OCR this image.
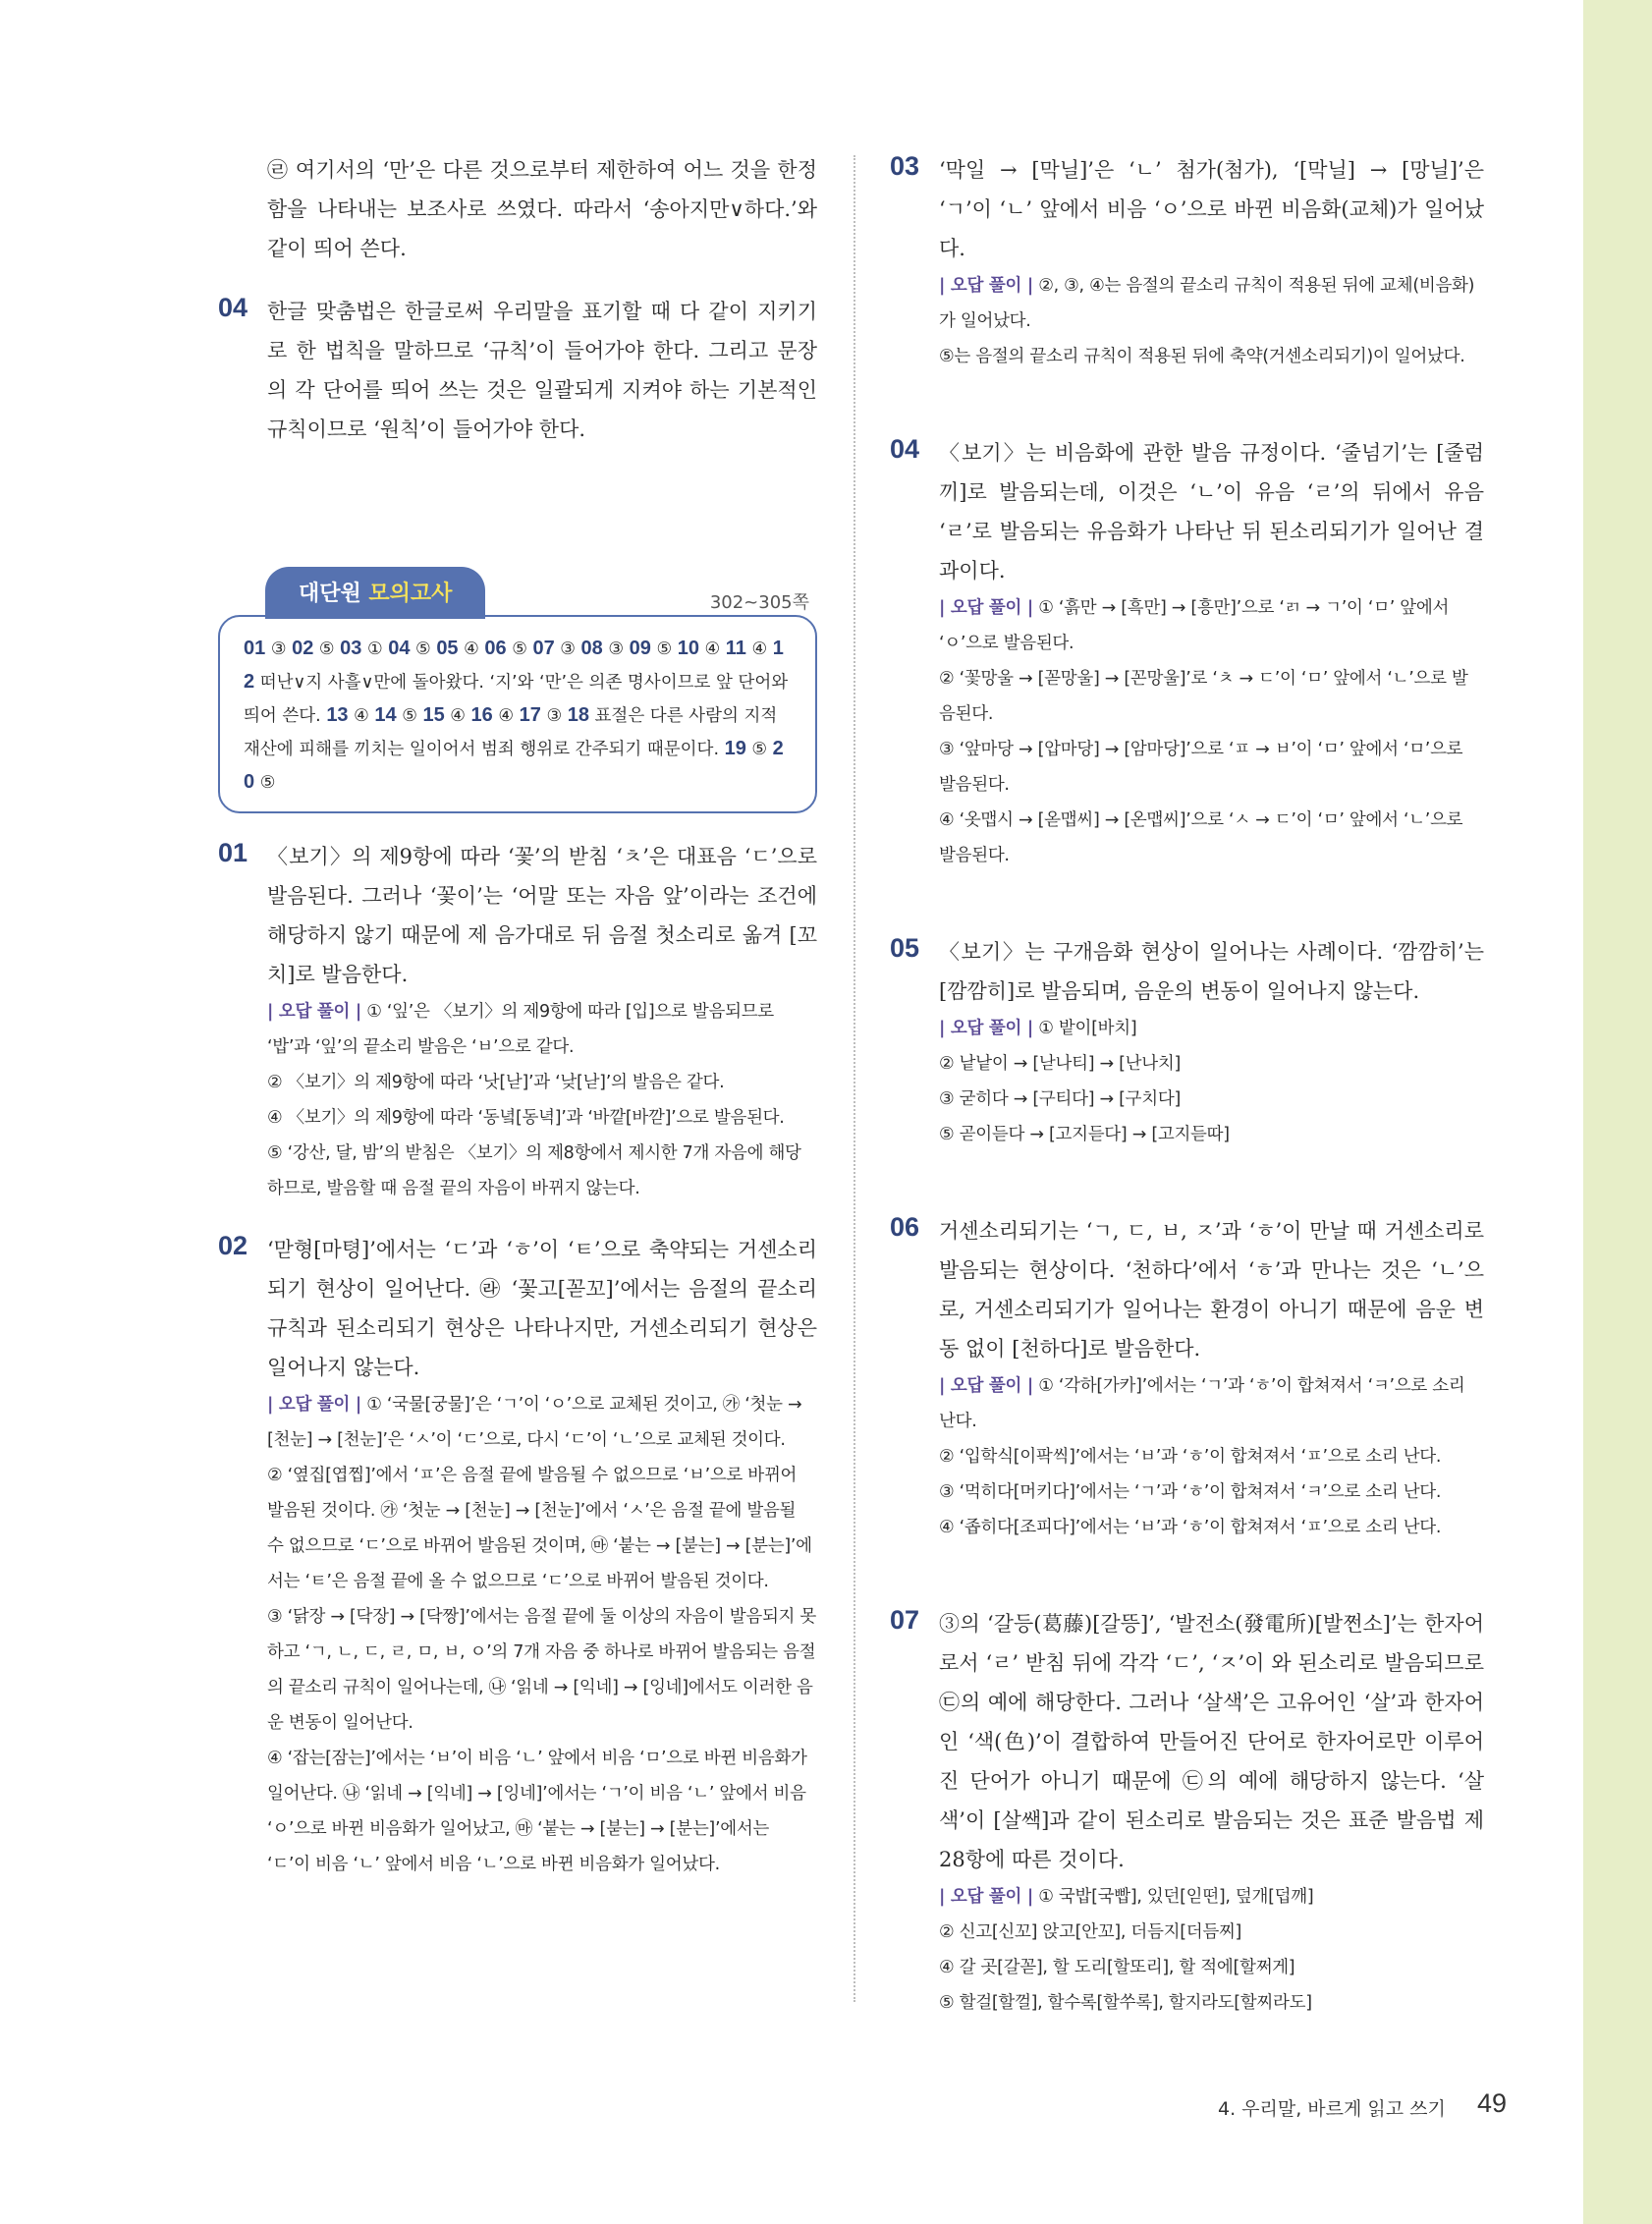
㉣ 여기서의 ‘만’은 다른 것으로부터 제한하여 어느 것을 한정함을 나타내는 보조사로 쓰였다. 따라서 ‘송아지만∨하다.’와 같이 띄어 쓴다.
04 한글 맞춤법은 한글로써 우리말을 표기할 때 다 같이 지키기로 한 법칙을 말하므로 ‘규칙’이 들어가야 한다. 그리고 문장의 각 단어를 띄어 쓰는 것은 일괄되게 지켜야 하는 기본적인 규칙이므로 ‘원칙’이 들어가야 한다.
대단원 모의고사	302~305쪽
01 ③ 02 ⑤ 03 ① 04 ⑤ 05 ④ 06 ⑤ 07 ③ 08 ③ 09 ⑤ 10 ④ 11 ④ 12 떠난∨지 사흘∨만에 돌아왔다. ‘지’와 ‘만’은 의존 명사이므로 앞 단어와 띄어 쓴다. 13 ④ 14 ⑤ 15 ④ 16 ④ 17 ③ 18 표절은 다른 사람의 지적 재산에 피해를 끼치는 일이어서 범죄 행위로 간주되기 때문이다. 19 ⑤ 20 ⑤
01 〈보기〉의 제9항에 따라 ‘꽃’의 받침 ‘ㅊ’은 대표음 ‘ㄷ’으로 발음된다. 그러나 ‘꽃이’는 ‘어말 또는 자음 앞’이라는 조건에 해당하지 않기 때문에 제 음가대로 뒤 음절 첫소리로 옮겨 [꼬치]로 발음한다.
| 오답 풀이 | ① ‘잎’은 〈보기〉의 제9항에 따라 [입]으로 발음되므로 ‘밥’과 ‘잎’의 끝소리 발음은 ‘ㅂ’으로 같다.
② 〈보기〉의 제9항에 따라 ‘낫[낟]’과 ‘낮[낟]’의 발음은 같다.
④ 〈보기〉의 제9항에 따라 ‘동녘[동녁]’과 ‘바깥[바깓]’으로 발음된다.
⑤ ‘강산, 달, 밤’의 받침은 〈보기〉의 제8항에서 제시한 7개 자음에 해당하므로, 발음할 때 음절 끝의 자음이 바뀌지 않는다.
02 ‘맏형[마텽]’에서는 ‘ㄷ’과 ‘ㅎ’이 ‘ㅌ’으로 축약되는 거센소리되기 현상이 일어난다. ㉱ ‘꽃고[꼳꼬]’에서는 음절의 끝소리 규칙과 된소리되기 현상은 나타나지만, 거센소리되기 현상은 일어나지 않는다.
| 오답 풀이 | ① ‘국물[궁물]’은 ‘ㄱ’이 ‘ㅇ’으로 교체된 것이고, ㉮ ‘첫눈 → [천눈] → [천눈]’은 ‘ㅅ’이 ‘ㄷ’으로, 다시 ‘ㄷ’이 ‘ㄴ’으로 교체된 것이다.
② ‘옆집[엽찝]’에서 ‘ㅍ’은 음절 끝에 발음될 수 없으므로 ‘ㅂ’으로 바뀌어 발음된 것이다. ㉮ ‘첫눈 → [천눈] → [천눈]’에서 ‘ㅅ’은 음절 끝에 발음될 수 없으므로 ‘ㄷ’으로 바뀌어 발음된 것이며, ㉲ ‘붙는 → [붇는] → [분는]’에서는 ‘ㅌ’은 음절 끝에 올 수 없으므로 ‘ㄷ’으로 바뀌어 발음된 것이다.
③ ‘닭장 → [닥장] → [닥짱]’에서는 음절 끝에 둘 이상의 자음이 발음되지 못하고 ‘ㄱ, ㄴ, ㄷ, ㄹ, ㅁ, ㅂ, ㅇ’의 7개 자음 중 하나로 바뀌어 발음되는 음절의 끝소리 규칙이 일어나는데, ㉯ ‘읽네 → [익네] → [잉네]에서도 이러한 음운 변동이 일어난다.
④ ‘잡는[잠는]’에서는 ‘ㅂ’이 비음 ‘ㄴ’ 앞에서 비음 ‘ㅁ’으로 바뀐 비음화가 일어난다. ㉯ ‘읽네 → [익네] → [잉네]’에서는 ‘ㄱ’이 비음 ‘ㄴ’ 앞에서 비음 ‘ㅇ’으로 바뀐 비음화가 일어났고, ㉲ ‘붙는 → [붇는] → [분는]’에서는 ‘ㄷ’이 비음 ‘ㄴ’ 앞에서 비음 ‘ㄴ’으로 바뀐 비음화가 일어났다.
03 ‘막일 → [막닐]’은 ‘ㄴ’ 첨가(첨가), ‘[막닐] → [망닐]’은 ‘ㄱ’이 ‘ㄴ’ 앞에서 비음 ‘ㅇ’으로 바뀐 비음화(교체)가 일어났다.
| 오답 풀이 | ②, ③, ④는 음절의 끝소리 규칙이 적용된 뒤에 교체(비음화)가 일어났다.
⑤는 음절의 끝소리 규칙이 적용된 뒤에 축약(거센소리되기)이 일어났다.
04 〈보기〉는 비음화에 관한 발음 규정이다. ‘줄넘기’는 [줄럼끼]로 발음되는데, 이것은 ‘ㄴ’이 유음 ‘ㄹ’의 뒤에서 유음 ‘ㄹ’로 발음되는 유음화가 나타난 뒤 된소리되기가 일어난 결과이다.
| 오답 풀이 | ① ‘흙만 → [흑만] → [흥만]’으로 ‘ㄺ → ㄱ’이 ‘ㅁ’ 앞에서 ‘ㅇ’으로 발음된다.
② ‘꽃망울 → [꼳망울] → [꼰망울]’로 ‘ㅊ → ㄷ’이 ‘ㅁ’ 앞에서 ‘ㄴ’으로 발음된다.
③ ‘앞마당 → [압마당] → [암마당]’으로 ‘ㅍ → ㅂ’이 ‘ㅁ’ 앞에서 ‘ㅁ’으로 발음된다.
④ ‘옷맵시 → [옫맵씨] → [온맵씨]’으로 ‘ㅅ → ㄷ’이 ‘ㅁ’ 앞에서 ‘ㄴ’으로 발음된다.
05 〈보기〉는 구개음화 현상이 일어나는 사례이다. ‘깜깜히’는 [깜깜히]로 발음되며, 음운의 변동이 일어나지 않는다.
| 오답 풀이 | ① 밭이[바치]
② 낱낱이 → [낟나티] → [난나치]
③ 굳히다 → [구티다] → [구치다]
⑤ 곧이듣다 → [고지듣다] → [고지듣따]
06 거센소리되기는 ‘ㄱ, ㄷ, ㅂ, ㅈ’과 ‘ㅎ’이 만날 때 거센소리로 발음되는 현상이다. ‘천하다’에서 ‘ㅎ’과 만나는 것은 ‘ㄴ’으로, 거센소리되기가 일어나는 환경이 아니기 때문에 음운 변동 없이 [천하다]로 발음한다.
| 오답 풀이 | ① ‘각하[가카]’에서는 ‘ㄱ’과 ‘ㅎ’이 합쳐져서 ‘ㅋ’으로 소리 난다.
② ‘입학식[이팍씩]’에서는 ‘ㅂ’과 ‘ㅎ’이 합쳐져서 ‘ㅍ’으로 소리 난다.
③ ‘먹히다[머키다]’에서는 ‘ㄱ’과 ‘ㅎ’이 합쳐져서 ‘ㅋ’으로 소리 난다.
④ ‘좁히다[조피다]’에서는 ‘ㅂ’과 ‘ㅎ’이 합쳐져서 ‘ㅍ’으로 소리 난다.
07 ③의 ‘갈등(葛藤)[갈뜽]’, ‘발전소(發電所)[발쩐소]’는 한자어로서 ‘ㄹ’ 받침 뒤에 각각 ‘ㄷ’, ‘ㅈ’이 와 된소리로 발음되므로 ㉢의 예에 해당한다. 그러나 ‘살색’은 고유어인 ‘살’과 한자어인 ‘색(色)’이 결합하여 만들어진 단어로 한자어로만 이루어진 단어가 아니기 때문에 ㉢의 예에 해당하지 않는다. ‘살색’이 [살쌕]과 같이 된소리로 발음되는 것은 표준 발음법 제28항에 따른 것이다.
| 오답 풀이 | ① 국밥[국빱], 있던[읻떤], 덮개[덥깨]
② 신고[신꼬] 앉고[안꼬], 더듬지[더듬찌]
④ 갈 곳[갈꼳], 할 도리[할또리], 할 적에[할쩌게]
⑤ 할걸[할껄], 할수록[할쑤록], 할지라도[할찌라도]
4. 우리말, 바르게 읽고 쓰기 49
